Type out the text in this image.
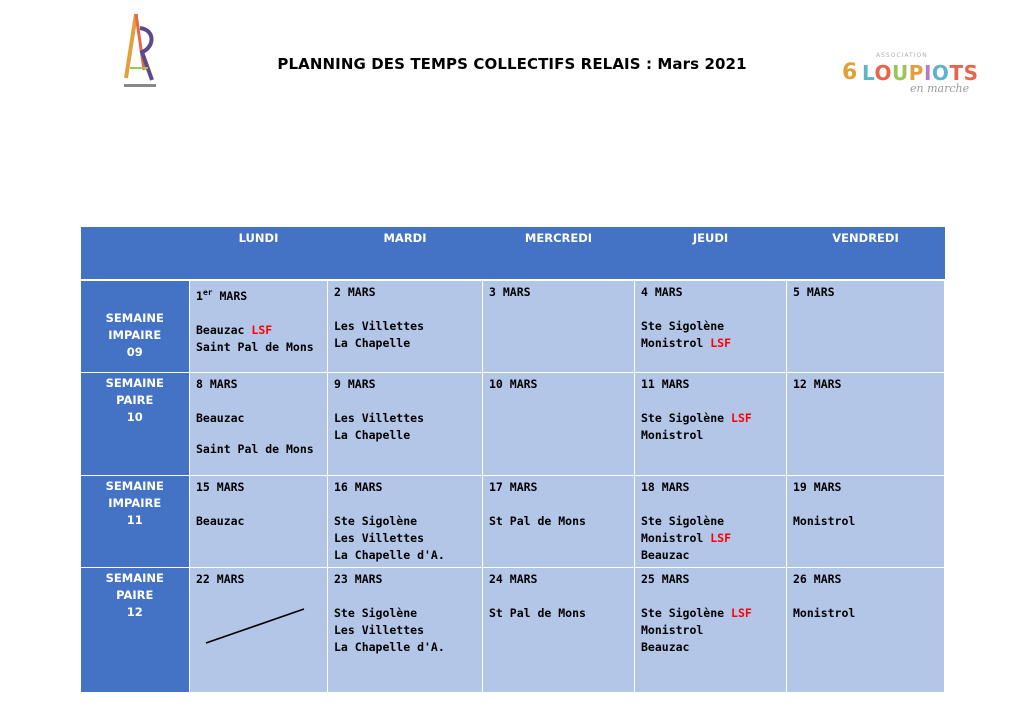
PLANNING DES TEMPS COLLECTIFS RELAIS : Mars 2021	ASSOCIATION
6 LOUPIOTS
en marche
	LUNDI	MARDI	MERCREDI	JEUDI	VENDREDI

SEMAINE
IMPAIRE
09	1er MARS
Beauzac LSF
Saint Pal de Mons	2 MARS
Les Villettes
La Chapelle	3 MARS	4 MARS
Ste Sigolène
Monistrol LSF	5 MARS

SEMAINE
PAIRE
10	8 MARS
Beauzac
Saint Pal de Mons	9 MARS
Les Villettes
La Chapelle	10 MARS	11 MARS
Ste Sigolène LSF
Monistrol	12 MARS

SEMAINE
IMPAIRE
11	15 MARS
Beauzac	16 MARS
Ste Sigolène
Les Villettes
La Chapelle d'A.	17 MARS
St Pal de Mons	18 MARS
Ste Sigolène
Monistrol LSF
Beauzac	19 MARS
Monistrol

SEMAINE
PAIRE
12	22 MARS	23 MARS
Ste Sigolène
Les Villettes
La Chapelle d'A.	24 MARS
St Pal de Mons	25 MARS
Ste Sigolène LSF
Monistrol
Beauzac	26 MARS
Monistrol
